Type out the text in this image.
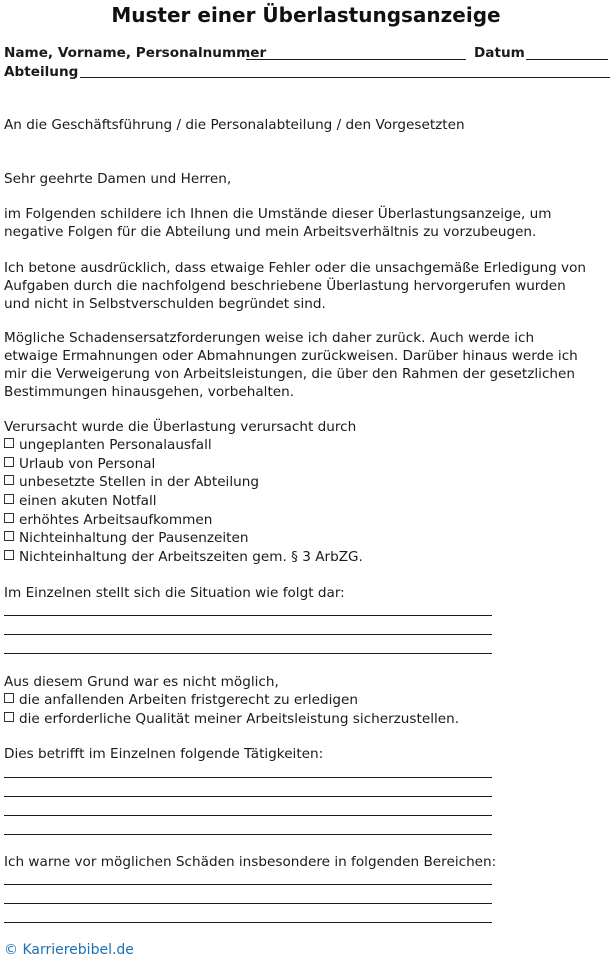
Muster einer Überlastungsanzeige
Name, Vorname, Personalnummer	Datum
Abteilung
An die Geschäftsführung / die Personalabteilung / den Vorgesetzten
Sehr geehrte Damen und Herren,
im Folgenden schildere ich Ihnen die Umstände dieser Überlastungsanzeige, um
negative Folgen für die Abteilung und mein Arbeitsverhältnis zu vorzubeugen.
Ich betone ausdrücklich, dass etwaige Fehler oder die unsachgemäße Erledigung von
Aufgaben durch die nachfolgend beschriebene Überlastung hervorgerufen wurden
und nicht in Selbstverschulden begründet sind.
Mögliche Schadensersatzforderungen weise ich daher zurück. Auch werde ich
etwaige Ermahnungen oder Abmahnungen zurückweisen. Darüber hinaus werde ich
mir die Verweigerung von Arbeitsleistungen, die über den Rahmen der gesetzlichen
Bestimmungen hinausgehen, vorbehalten.
Verursacht wurde die Überlastung verursacht durch
ungeplanten Personalausfall
Urlaub von Personal
unbesetzte Stellen in der Abteilung
einen akuten Notfall
erhöhtes Arbeitsaufkommen
Nichteinhaltung der Pausenzeiten
Nichteinhaltung der Arbeitszeiten gem. § 3 ArbZG.
Im Einzelnen stellt sich die Situation wie folgt dar:
Aus diesem Grund war es nicht möglich,
die anfallenden Arbeiten fristgerecht zu erledigen
die erforderliche Qualität meiner Arbeitsleistung sicherzustellen.
Dies betrifft im Einzelnen folgende Tätigkeiten:
Ich warne vor möglichen Schäden insbesondere in folgenden Bereichen:
© Karrierebibel.de
